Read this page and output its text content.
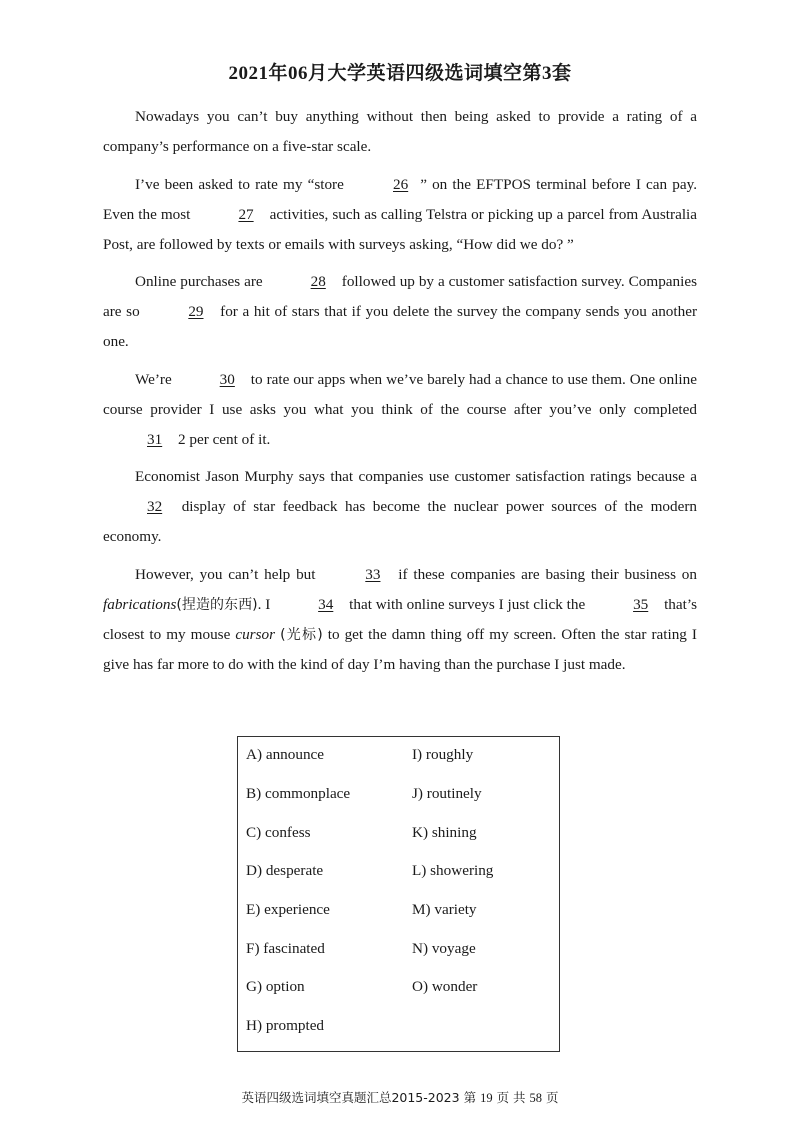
2021年06月大学英语四级选词填空第3套

Nowadays you can’t buy anything without then being asked to provide a rating of a company’s performance on a five-star scale.

I’ve been asked to rate my “store	26 ” on the EFTPOS terminal before I can pay. Even the most	27 activities, such as calling Telstra or picking up a parcel from Australia Post, are followed by texts or emails with surveys asking, “How did we do? ”

Online purchases are	28 followed up by a customer satisfaction survey. Companies are so	29 for a hit of stars that if you delete the survey the company sends you another one.

We’re	30 to rate our apps when we’ve barely had a chance to use them. One online course provider I use asks you what you think of the course after you’ve only completed 31 2 per cent of it.

Economist Jason Murphy says that companies use customer satisfaction ratings because a 32 display of star feedback has become the nuclear power sources of the modern economy.

However, you can’t help but	33 if these companies are basing their business on fabrications(捏造的东西). I	34 that with online surveys I just click the	35 that’s closest to my mouse cursor (光标) to get the damn thing off my screen. Often the star rating I give has far more to do with the kind of day I’m having than the purchase I just made.

A) announce
B) commonplace
C) confess
D) desperate
E) experience
F) fascinated
G) option
H) prompted
I) roughly
J) routinely
K) shining
L) showering
M) variety
N) voyage
O) wonder
英语四级选词填空真题汇总2015-2023 第 19 页 共 58 页
